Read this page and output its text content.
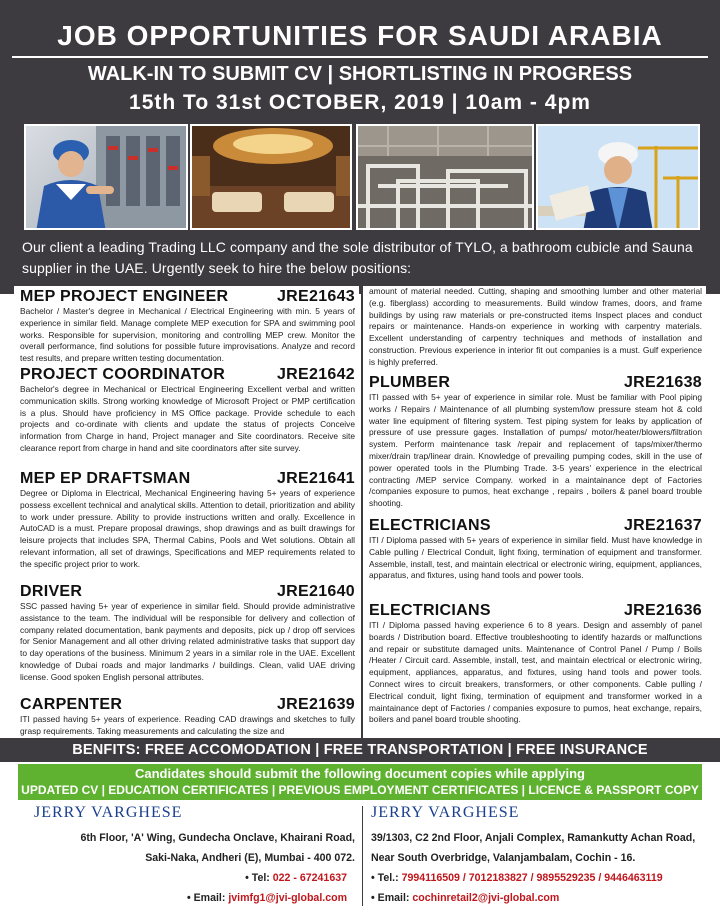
JOB OPPORTUNITIES FOR SAUDI ARABIA
WALK-IN TO SUBMIT CV | SHORTLISTING IN PROGRESS
15th To 31st OCTOBER, 2019 | 10am - 4pm
Our client a leading Trading LLC company and the sole distributor of TYLO, a bathroom cubicle and Sauna supplier in the UAE. Urgently seek to hire the below positions:
MEP PROJECT ENGINEER	JRE21643
Bachelor / Master's degree in Mechanical / Electrical Engineering with min. 5 years of experience in similar field. Manage complete MEP execution for SPA and swimming pool works. Responsible for supervision, monitoring and controlling MEP crew. Monitor the overall performance, find solutions for possible future improvisations. Analyze and record test results, and prepare written testing documentation.
PROJECT COORDINATOR	JRE21642
Bachelor's degree in Mechanical or Electrical Engineering Excellent verbal and written communication skills. Strong working knowledge of Microsoft Project or PMP certification is a plus. Should have proficiency in MS Office package. Provide schedule to each projects and co-ordinate with clients and update the status of projects Conceive information from Charge in hand, Project manager and Site coordinators. Receive site clearance report from charge in hand and site coordinators after site survey.
MEP EP DRAFTSMAN	JRE21641
Degree or Diploma in Electrical, Mechanical Engineering having 5+ years of experience possess excellent technical and analytical skills. Attention to detail, prioritization and ability to work under pressure. Ability to provide instructions written and orally. Excellence in AutoCAD is a must. Prepare proposal drawings, shop drawings and as built drawings for leisure projects that includes SPA, Thermal Cabins, Pools and Wet solutions. Obtain all relevant information, all set of drawings, Specifications and MEP requirements related to the specific project prior to work.
DRIVER	JRE21640
SSC passed having 5+ year of experience in similar field. Should provide administrative assistance to the team. The individual will be responsible for delivery and collection of company related documentation, bank payments and deposits, pick up / drop off services for Senior Management and all other driving related administrative tasks that support day to day operations of the business. Minimum 2 years in a similar role in the UAE. Excellent knowledge of Dubai roads and major landmarks / buildings. Clean, valid UAE driving license. Good spoken English personal attributes.
CARPENTER	JRE21639
ITI passed having 5+ years of experience. Reading CAD drawings and sketches to fully grasp requirements. Taking measurements and calculating the size and
amount of material needed. Cutting, shaping and smoothing lumber and other material (e.g. fiberglass) according to measurements. Build window frames, doors, and frame buildings by using raw materials or pre-constructed items Inspect places and conduct repairs or maintenance. Hands-on experience in working with carpentry materials. Excellent understanding of carpentry techniques and methods of installation and construction. Previous experience in interior fit out companies is a must. Gulf experience is highly preferred.
PLUMBER	JRE21638
ITI passed with 5+ year of experience in similar role. Must be familiar with Pool piping works / Repairs / Maintenance of all plumbing system/low pressure steam hot & cold water line equipment of filtering system. Test piping system for leaks by application of pressure of use pressure gages. Installation of pumps/ motor/heater/blowers/filtration system. Perform maintenance task /repair and replacement of taps/mixer/thermo mixer/drain trap/linear drain. Knowledge of prevailing pumping codes, skill in the use of power operated tools in the Plumbing Trade. 3-5 years' experience in the electrical contracting /MEP service Company. worked in a maintainance dept of Factories /companies exposure to pumos, heat exchange , repairs , boilers & panel board trouble shooting.
ELECTRICIANS	JRE21637
ITI / Diploma passed with 5+ years of experience in similar field. Must have knowledge in Cable pulling / Electrical Conduit, light fixing, termination of equipment and transformer. Assemble, install, test, and maintain electrical or electronic wiring, equipment, appliances, apparatus, and fixtures, using hand tools and power tools.
ELECTRICIANS	JRE21636
ITI / Diploma passed having experience 6 to 8 years. Design and assembly of panel boards / Distribution board. Effective troubleshooting to identify hazards or malfunctions and repair or substitute damaged units. Maintenance of Control Panel / Pump / Boils /Heater / Circuit card. Assemble, install, test, and maintain electrical or electronic wiring, equipment, appliances, apparatus, and fixtures, using hand tools and power tools. Connect wires to circuit breakers, transformers, or other components. Cable pulling / Electrical conduit, light fixing, termination of equipment and transformer worked in a maintainance dept of Factories / companies exposure to pumos, heat exchange, repairs, boilers and panel board trouble shooting.
BENFITS: FREE ACCOMODATION | FREE TRANSPORTATION | FREE INSURANCE
Candidates should submit the following document copies while applying
UPDATED CV | EDUCATION CERTIFICATES | PREVIOUS EMPLOYMENT CERTIFICATES | LICENCE & PASSPORT COPY
JERRY VARGHESE
6th Floor, 'A' Wing, Gundecha Onclave, Khairani Road,
Saki-Naka, Andheri (E), Mumbai - 400 072.
• Tel: 022 - 67241637
• Email: jvimfg1@jvi-global.com
JERRY VARGHESE
39/1303, C2 2nd Floor, Anjali Complex, Ramankutty Achan Road,
Near South Overbridge, Valanjambalam, Cochin - 16.
• Tel.: 7994116509 / 7012183827 / 9895529235 / 9446463119
• Email: cochinretail2@jvi-global.com
